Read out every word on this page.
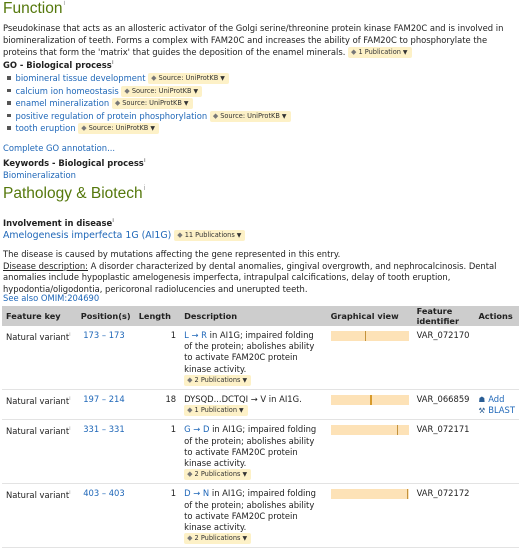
Function$^i$
Pseudokinase that acts as an allosteric activator of the Golgi serine/threonine protein kinase FAM20C and is involved in biomineralization of teeth. Forms a complex with FAM20C and increases the ability of FAM20C to phosphorylate the proteins that form the 'matrix' that guides the deposition of the enamel minerals. ◆ 1 Publication ▼
GO - Biological process$^i$
biomineral tissue development ◆ Source: UniProtKB ▼
calcium ion homeostasis ◆ Source: UniProtKB ▼
enamel mineralization ◆ Source: UniProtKB ▼
positive regulation of protein phosphorylation ◆ Source: UniProtKB ▼
tooth eruption ◆ Source: UniProtKB ▼
Complete GO annotation...
Keywords - Biological process$^i$
Biomineralization
Pathology & Biotech$^i$
Involvement in disease$^i$
Amelogenesis imperfecta 1G (AI1G) ◆ 11 Publications ▼
The disease is caused by mutations affecting the gene represented in this entry.
Disease description: A disorder characterized by dental anomalies, gingival overgrowth, and nephrocalcinosis. Dental anomalies include hypoplastic amelogenesis imperfecta, intrapulpal calcifications, delay of tooth eruption, hypodontia/oligodontia, pericoronal radiolucencies and unerupted teeth.
See also OMIM:204690
Feature key	Position(s)	Length	Description	Graphical view	Feature identifier	Actions
Natural variant$^i$	173 – 173	1	L → R in AI1G; impaired folding of the protein; abolishes ability to activate FAM20C protein kinase activity.
◆ 2 Publications ▼		VAR_072170	
Natural variant$^i$	197 – 214	18	DYSQD...DCTQI → V in AI1G.
◆ 1 Publication ▼		VAR_066859	☗ Add
⚒ BLAST

Natural variant$^i$	331 – 331	1	G → D in AI1G; impaired folding of the protein; abolishes ability to activate FAM20C protein kinase activity.
◆ 2 Publications ▼		VAR_072171	
Natural variant$^i$	403 – 403	1	D → N in AI1G; impaired folding of the protein; abolishes ability to activate FAM20C protein kinase activity.
◆ 2 Publications ▼		VAR_072172	
